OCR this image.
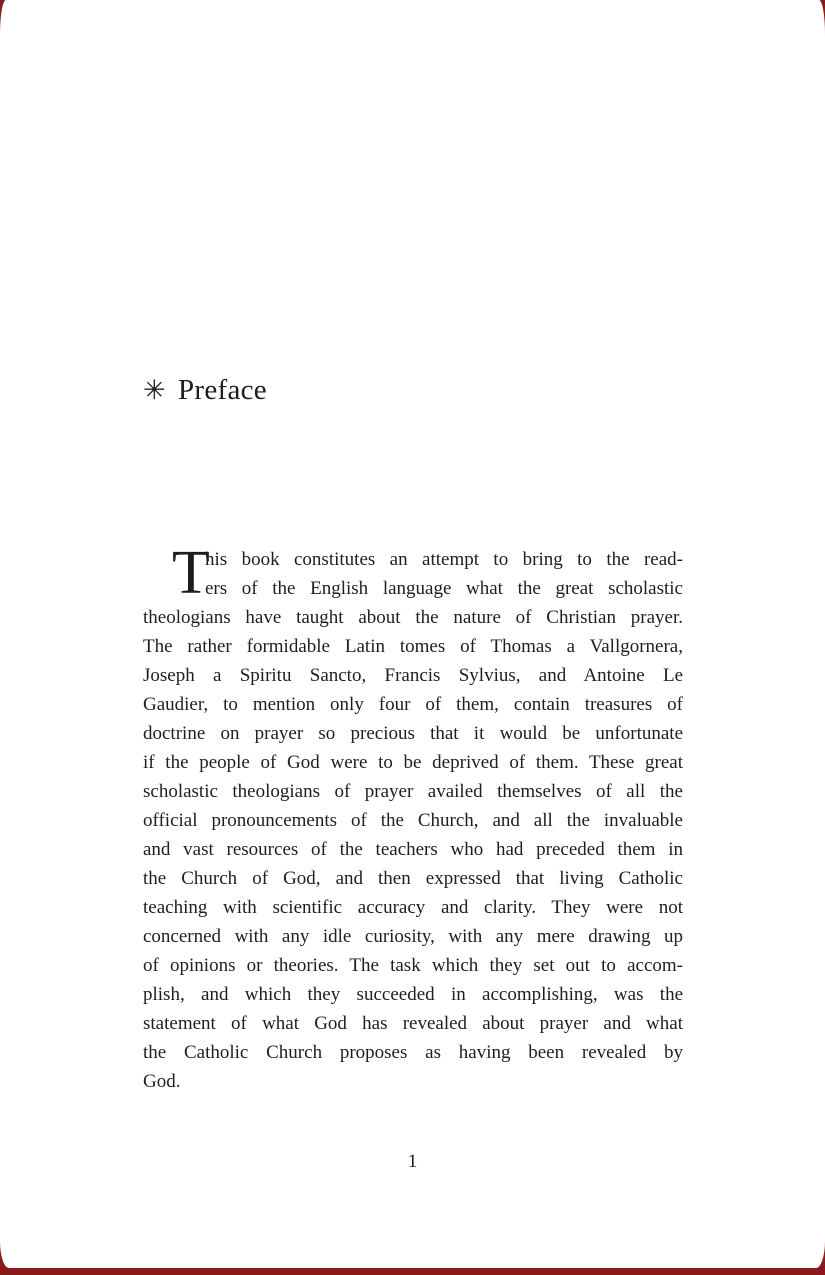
✳ Preface
T
his book constitutes an attempt to bring to the read-
ers of the English language what the great scholastic
theologians have taught about the nature of Christian prayer.
The rather formidable Latin tomes of Thomas a Vallgornera,
Joseph a Spiritu Sancto, Francis Sylvius, and Antoine Le
Gaudier, to mention only four of them, contain treasures of
doctrine on prayer so precious that it would be unfortunate
if the people of God were to be deprived of them. These great
scholastic theologians of prayer availed themselves of all the
official pronouncements of the Church, and all the invaluable
and vast resources of the teachers who had preceded them in
the Church of God, and then expressed that living Catholic
teaching with scientific accuracy and clarity. They were not
concerned with any idle curiosity, with any mere drawing up
of opinions or theories. The task which they set out to accom-
plish, and which they succeeded in accomplishing, was the
statement of what God has revealed about prayer and what
the Catholic Church proposes as having been revealed by
God.
1
